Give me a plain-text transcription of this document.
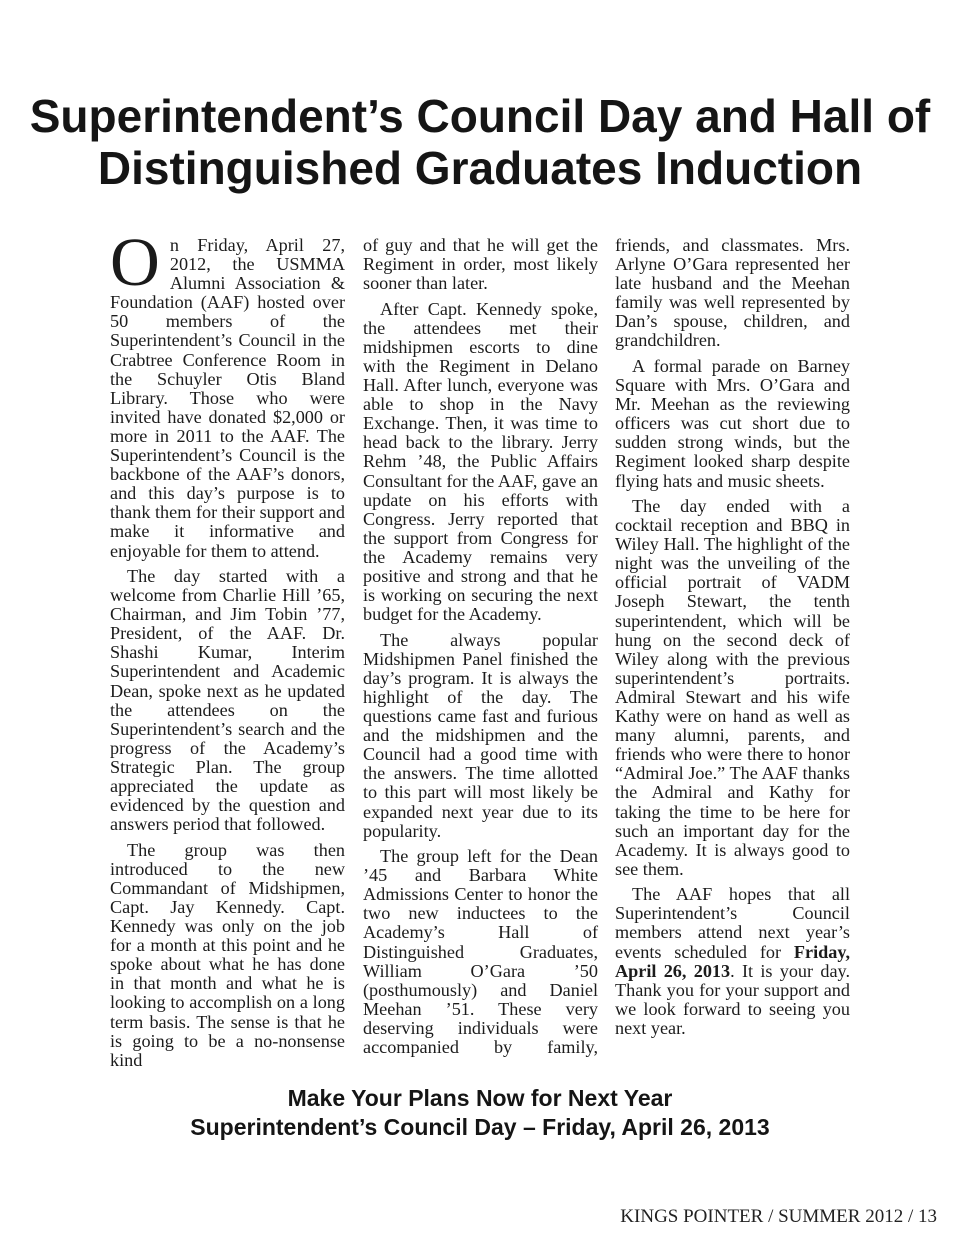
Superintendent’s Council Day and Hall of Distinguished Graduates Induction

On Friday, April 27, 2012, the USMMA Alumni Association & Foundation (AAF) hosted over 50 members of the Superintendent’s Council in the Crabtree Conference Room in the Schuyler Otis Bland Library. Those who were invited have donated $2,000 or more in 2011 to the AAF. The Superintendent’s Council is the backbone of the AAF’s donors, and this day’s purpose is to thank them for their support and make it informative and enjoyable for them to attend.

The day started with a welcome from Charlie Hill ’65, Chairman, and Jim Tobin ’77, President, of the AAF. Dr. Shashi Kumar, Interim Superintendent and Academic Dean, spoke next as he updated the attendees on the Superintendent’s search and the progress of the Academy’s Strategic Plan. The group appreciated the update as evidenced by the question and answers period that followed.

The group was then introduced to the new Commandant of Midshipmen, Capt. Jay Kennedy. Capt. Kennedy was only on the job for a month at this point and he spoke about what he has done in that month and what he is looking to accomplish on a long term basis. The sense is that he is going to be a no-nonsense kind

of guy and that he will get the Regiment in order, most likely sooner than later.

After Capt. Kennedy spoke, the attendees met their midshipmen escorts to dine with the Regiment in Delano Hall. After lunch, everyone was able to shop in the Navy Exchange. Then, it was time to head back to the library. Jerry Rehm ’48, the Public Affairs Consultant for the AAF, gave an update on his efforts with Congress. Jerry reported that the support from Congress for the Academy remains very positive and strong and that he is working on securing the next budget for the Academy.

The always popular Midshipmen Panel finished the day’s program. It is always the highlight of the day. The questions came fast and furious and the midshipmen and the Council had a good time with the answers. The time allotted to this part will most likely be expanded next year due to its popularity.

The group left for the Dean ’45 and Barbara White Admissions Center to honor the two new inductees to the Academy’s Hall of Distinguished Graduates, William O’Gara ’50 (posthumously) and Daniel Meehan ’51. These very deserving individuals were accompanied by family,

friends, and classmates. Mrs. Arlyne O’Gara represented her late husband and the Meehan family was well represented by Dan’s spouse, children, and grandchildren.

A formal parade on Barney Square with Mrs. O’Gara and Mr. Meehan as the reviewing officers was cut short due to sudden strong winds, but the Regiment looked sharp despite flying hats and music sheets.

The day ended with a cocktail reception and BBQ in Wiley Hall. The highlight of the night was the unveiling of the official portrait of VADM Joseph Stewart, the tenth superintendent, which will be hung on the second deck of Wiley along with the previous superintendent’s portraits. Admiral Stewart and his wife Kathy were on hand as well as many alumni, parents, and friends who were there to honor “Admiral Joe.” The AAF thanks the Admiral and Kathy for taking the time to be here for such an important day for the Academy. It is always good to see them.

The AAF hopes that all Superintendent’s Council members attend next year’s events scheduled for Friday, April 26, 2013. It is your day. Thank you for your support and we look forward to seeing you next year.

Make Your Plans Now for Next Year
Superintendent’s Council Day – Friday, April 26, 2013
KINGS POINTER / SUMMER 2012 / 13
